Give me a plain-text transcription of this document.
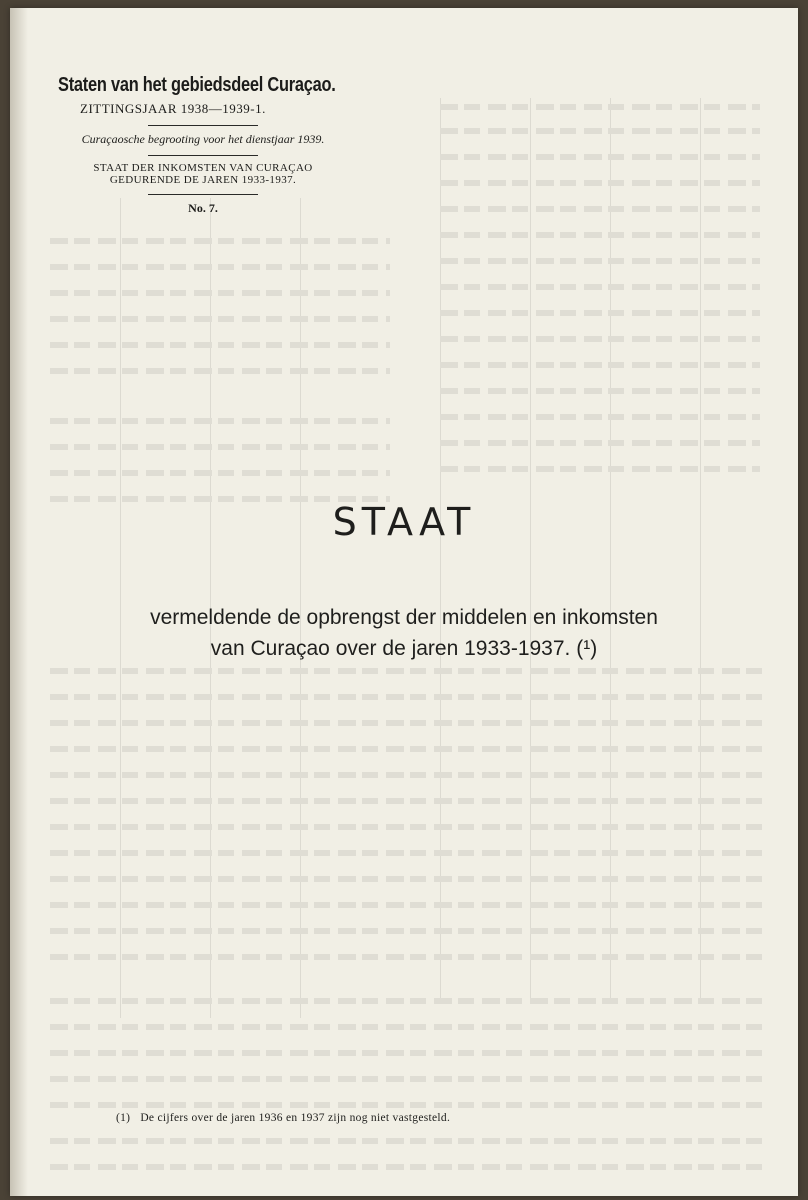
Staten van het gebiedsdeel Curaçao.
ZITTINGSJAAR 1938—1939-1.
Curaçaosche begrooting voor het dienstjaar 1939.
STAAT DER INKOMSTEN VAN CURAÇAO
GEDURENDE DE JAREN 1933-1937.
No. 7.
STAAT
vermeldende de opbrengst der middelen en inkomsten
van Curaçao over de jaren 1933-1937. (¹)
(1) De cijfers over de jaren 1936 en 1937 zijn nog niet vastgesteld.
